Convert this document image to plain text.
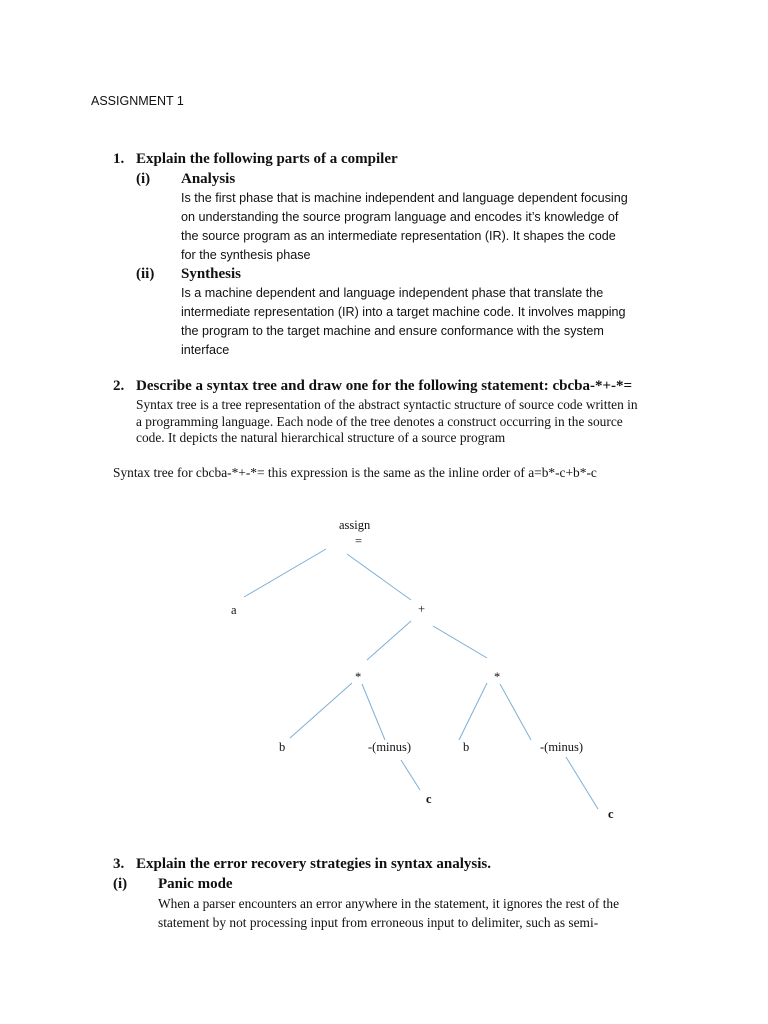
ASSIGNMENT 1
1. Explain the following parts of a compiler
(i) Analysis
Is the first phase that is machine independent and language dependent focusing
on understanding the source program language and encodes it’s knowledge of
the source program as an intermediate representation (IR). It shapes the code
for the synthesis phase
(ii) Synthesis
Is a machine dependent and language independent phase that translate the
intermediate representation (IR) into a target machine code. It involves mapping
the program to the target machine and ensure conformance with the system
interface
2. Describe a syntax tree and draw one for the following statement: cbcba-*+-*=
Syntax tree is a tree representation of the abstract syntactic structure of source code written in
a programming language. Each node of the tree denotes a construct occurring in the source
code. It depicts the natural hierarchical structure of a source program
Syntax tree for cbcba-*+-*= this expression is the same as the inline order of a=b*-c+b*-c
assign
=
a	+
*	*
b	-(minus)	b	-(minus)
c
c
3. Explain the error recovery strategies in syntax analysis.
(i) Panic mode
When a parser encounters an error anywhere in the statement, it ignores the rest of the
statement by not processing input from erroneous input to delimiter, such as semi-
